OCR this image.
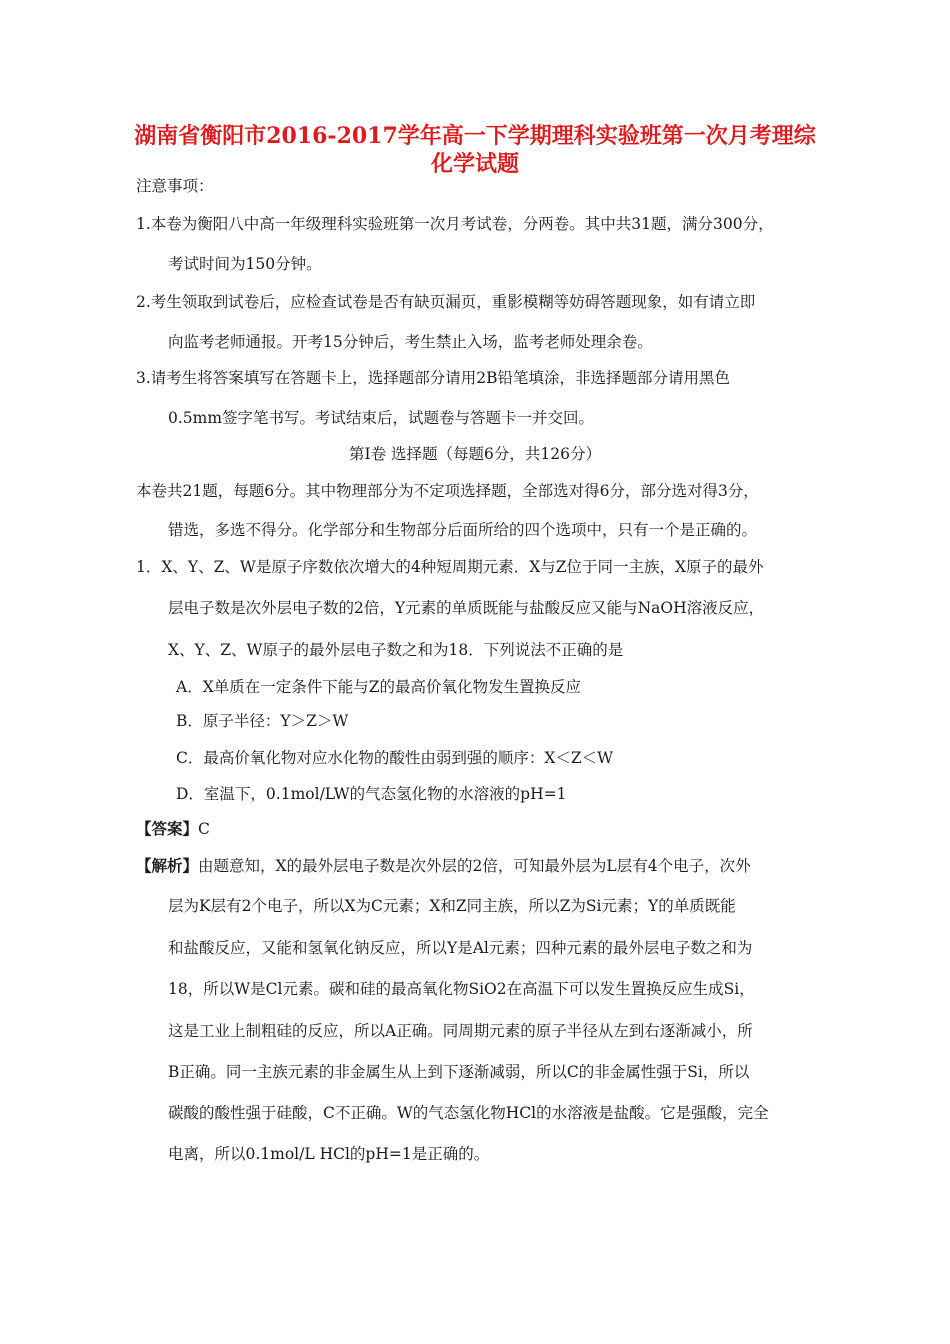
湖南省衡阳市2016-2017学年高一下学期理科实验班第一次月考理综
化学试题
注意事项：
1.本卷为衡阳八中高一年级理科实验班第一次月考试卷，分两卷。其中共31题，满分300分，
考试时间为150分钟。
2.考生领取到试卷后，应检查试卷是否有缺页漏页，重影模糊等妨碍答题现象，如有请立即
向监考老师通报。开考15分钟后，考生禁止入场，监考老师处理余卷。
3.请考生将答案填写在答题卡上，选择题部分请用2B铅笔填涂，非选择题部分请用黑色
0.5mm签字笔书写。考试结束后，试题卷与答题卡一并交回。
第Ⅰ卷 选择题（每题6分，共126分）
本卷共21题，每题6分。其中物理部分为不定项选择题，全部选对得6分，部分选对得3分，
错选，多选不得分。化学部分和生物部分后面所给的四个选项中，只有一个是正确的。
1．X、Y、Z、W是原子序数依次增大的4种短周期元素．X与Z位于同一主族，X原子的最外
层电子数是次外层电子数的2倍，Y元素的单质既能与盐酸反应又能与NaOH溶液反应，
X、Y、Z、W原子的最外层电子数之和为18．下列说法不正确的是
A．X单质在一定条件下能与Z的最高价氧化物发生置换反应
B．原子半径：Y＞Z＞W
C．最高价氧化物对应水化物的酸性由弱到强的顺序：X＜Z＜W
D．室温下，0.1mol/LW的气态氢化物的水溶液的pH=1
【答案】C
【解析】由题意知，X的最外层电子数是次外层的2倍，可知最外层为L层有4个电子，次外
层为K层有2个电子，所以X为C元素；X和Z同主族，所以Z为Si元素；Y的单质既能
和盐酸反应，又能和氢氧化钠反应，所以Y是Al元素；四种元素的最外层电子数之和为
18，所以W是Cl元素。碳和硅的最高氧化物SiO2在高温下可以发生置换反应生成Si，
这是工业上制粗硅的反应，所以A正确。同周期元素的原子半径从左到右逐渐减小，所
B正确。同一主族元素的非金属生从上到下逐渐减弱，所以C的非金属性强于Si，所以
碳酸的酸性强于硅酸，C不正确。W的气态氢化物HCl的水溶液是盐酸。它是强酸，完全
电离，所以0.1mol/L HCl的pH=1是正确的。
